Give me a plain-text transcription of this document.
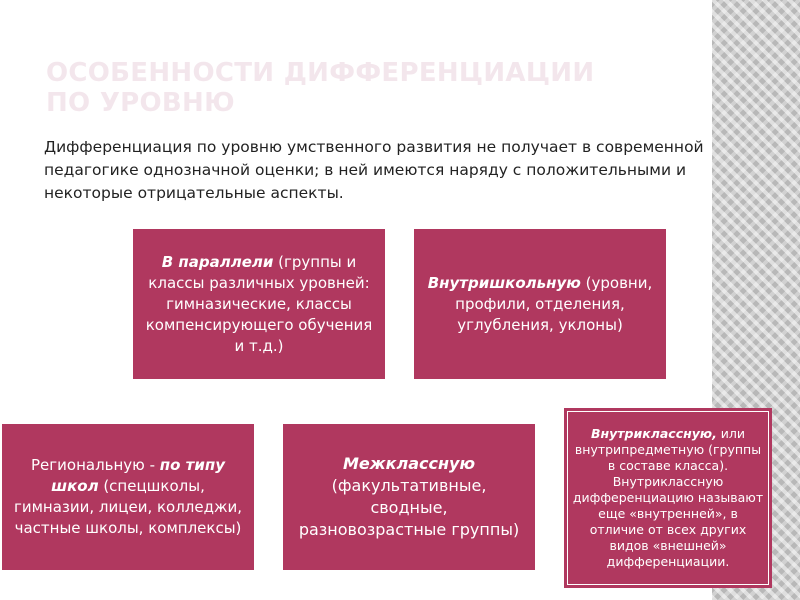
ОСОБЕННОСТИ ДИФФЕРЕНЦИАЦИИ ПО УРОВНЮ
Дифференциация по уровню умственного развития не получает в современной педагогике однозначной оценки; в ней имеются наряду с положительными и некоторые отрицательные аспекты.
В параллели (группы и классы различных уровней: гимназические, классы компенсирующего обучения и т.д.)
Внутришкольную (уровни, профили, отделения, углубления, уклоны)
Региональную - по типу школ (спецшколы, гимназии, лицеи, колледжи, частные школы, комплексы)
Межклассную (факультативные, сводные, разновозрастные группы)
Внутриклассную, или внутрипредметную (группы в составе класса). Внутриклассную дифференциацию называют еще «внутренней», в отличие от всех других видов «внешней» дифференциации.
